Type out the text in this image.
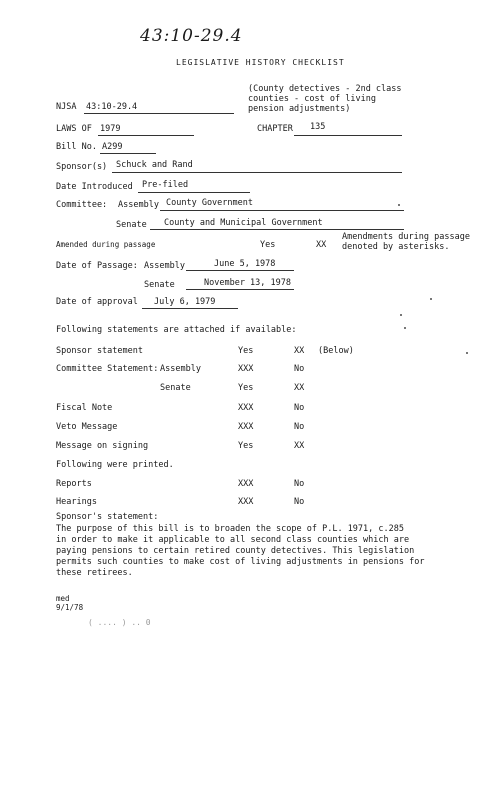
43:10-29.4
LEGISLATIVE HISTORY CHECKLIST
(County detectives - 2nd class
counties - cost of living
pension adjustments)
NJSA 43:10-29.4
LAWS OF 1979	CHAPTER 135
Bill No. A299
Sponsor(s) Schuck and Rand
Date Introduced Pre-filed
Committee: Assembly County Government
Senate County and Municipal Government
Amended during passage	Yes	XX
Amendments during passage
denoted by asterisks.
Date of Passage: Assembly	June 5, 1978
Senate	November 13, 1978
Date of approval July 6, 1979
Following statements are attached if available:
Sponsor statement	Yes	XX (Below)
Committee Statement: Assembly	XXX	No
Senate	Yes	XX
Fiscal Note	XXX	No
Veto Message	XXX	No
Message on signing	Yes	XX
Following were printed.
Reports	XXX	No
Hearings	XXX	No
Sponsor's statement:
The purpose of this bill is to broaden the scope of P.L. 1971, c.285
in order to make it applicable to all second class counties which are
paying pensions to certain retired county detectives. This legislation
permits such counties to make cost of living adjustments in pensions for
these retirees.
med
9/1/78
( .... ) .. 0
